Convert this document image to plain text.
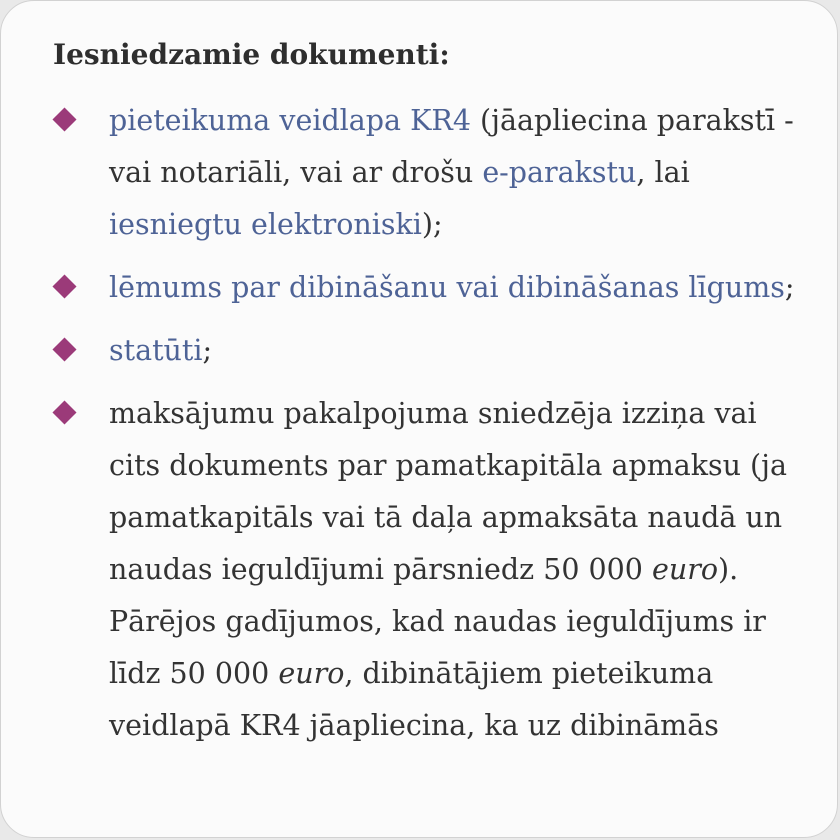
Iesniedzamie dokumenti:
pieteikuma veidlapa KR4 (jāapliecina parakstī - vai notariāli, vai ar drošu e-parakstu, lai iesniegtu elektroniski);
lēmums par dibināšanu vai dibināšanas līgums;
statūti;
maksājumu pakalpojuma sniedzēja izziņa vai cits dokuments par pamatkapitāla apmaksu (ja pamatkapitāls vai tā daļa apmaksāta naudā un naudas ieguldījumi pārsniedz 50 000 euro). Pārējos gadījumos, kad naudas ieguldījums ir līdz 50 000 euro, dibinātājiem pieteikuma veidlapā KR4 jāapliecina, ka uz dibināmās
